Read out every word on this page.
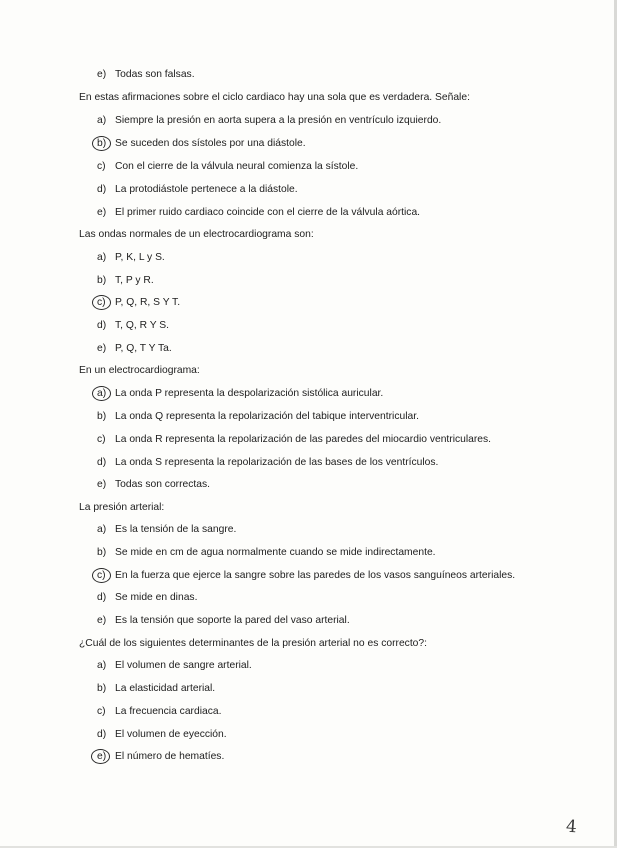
e) Todas son falsas.
En estas afirmaciones sobre el ciclo cardiaco hay una sola que es verdadera. Señale:
a) Siempre la presión en aorta supera a la presión en ventrículo izquierdo.
b) Se suceden dos sístoles por una diástole.
c) Con el cierre de la válvula neural comienza la sístole.
d) La protodiástole pertenece a la diástole.
e) El primer ruido cardiaco coincide con el cierre de la válvula aórtica.
Las ondas normales de un electrocardiograma son:
a) P, K, L y S.
b) T, P y R.
c) P, Q, R, S Y T.
d) T, Q, R Y S.
e) P, Q, T Y Ta.
En un electrocardiograma:
a) La onda P representa la despolarización sistólica auricular.
b) La onda Q representa la repolarización del tabique interventricular.
c) La onda R representa la repolarización de las paredes del miocardio ventriculares.
d) La onda S representa la repolarización de las bases de los ventrículos.
e) Todas son correctas.
La presión arterial:
a) Es la tensión de la sangre.
b) Se mide en cm de agua normalmente cuando se mide indirectamente.
c) En la fuerza que ejerce la sangre sobre las paredes de los vasos sanguíneos arteriales.
d) Se mide en dinas.
e) Es la tensión que soporte la pared del vaso arterial.
¿Cuál de los siguientes determinantes de la presión arterial no es correcto?:
a) El volumen de sangre arterial.
b) La elasticidad arterial.
c) La frecuencia cardiaca.
d) El volumen de eyección.
e) El número de hematíes.
4
